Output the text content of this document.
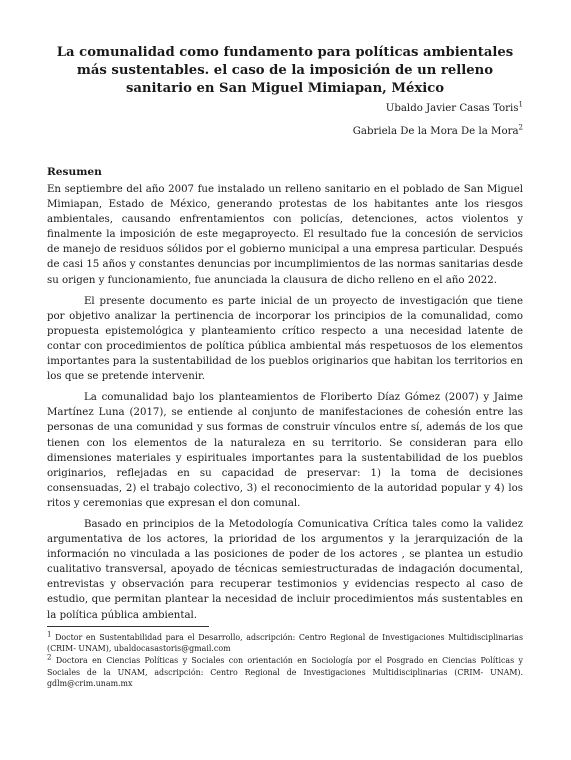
La comunalidad como fundamento para políticas ambientales más sustentables. el caso de la imposición de un relleno sanitario en San Miguel Mimiapan, México

Ubaldo Javier Casas Toris$^1$

Gabriela De la Mora De la Mora$^2$

Resumen

En septiembre del año 2007 fue instalado un relleno sanitario en el poblado de San Miguel Mimiapan, Estado de México, generando protestas de los habitantes ante los riesgos ambientales, causando enfrentamientos con policías, detenciones, actos violentos y finalmente la imposición de este megaproyecto. El resultado fue la concesión de servicios de manejo de residuos sólidos por el gobierno municipal a una empresa particular. Después de casi 15 años y constantes denuncias por incumplimientos de las normas sanitarias desde su origen y funcionamiento, fue anunciada la clausura de dicho relleno en el año 2022.

El presente documento es parte inicial de un proyecto de investigación que tiene por objetivo analizar la pertinencia de incorporar los principios de la comunalidad, como propuesta epistemológica y planteamiento crítico respecto a una necesidad latente de contar con procedimientos de política pública ambiental más respetuosos de los elementos importantes para la sustentabilidad de los pueblos originarios que habitan los territorios en los que se pretende intervenir.

La comunalidad bajo los planteamientos de Floriberto Díaz Gómez (2007) y Jaime Martínez Luna (2017), se entiende al conjunto de manifestaciones de cohesión entre las personas de una comunidad y sus formas de construir vínculos entre sí, además de los que tienen con los elementos de la naturaleza en su territorio. Se consideran para ello dimensiones materiales y espirituales importantes para la sustentabilidad de los pueblos originarios, reflejadas en su capacidad de preservar: 1) la toma de decisiones consensuadas, 2) el trabajo colectivo, 3) el reconocimiento de la autoridad popular y 4) los ritos y ceremonias que expresan el don comunal.

Basado en principios de la Metodología Comunicativa Crítica tales como la validez argumentativa de los actores, la prioridad de los argumentos y la jerarquización de la información no vinculada a las posiciones de poder de los actores , se plantea un estudio cualitativo transversal, apoyado de técnicas semiestructuradas de indagación documental, entrevistas y observación para recuperar testimonios y evidencias respecto al caso de estudio, que permitan plantear la necesidad de incluir procedimientos más sustentables en la política pública ambiental.

$^1$ Doctor en Sustentabilidad para el Desarrollo, adscripción: Centro Regional de Investigaciones Multidisciplinarias (CRIM- UNAM), ubaldocasastoris@gmail.com

$^2$ Doctora en Ciencias Políticas y Sociales con orientación en Sociología por el Posgrado en Ciencias Políticas y Sociales de la UNAM, adscripción: Centro Regional de Investigaciones Multidisciplinarias (CRIM- UNAM). gdlm@crim.unam.mx
